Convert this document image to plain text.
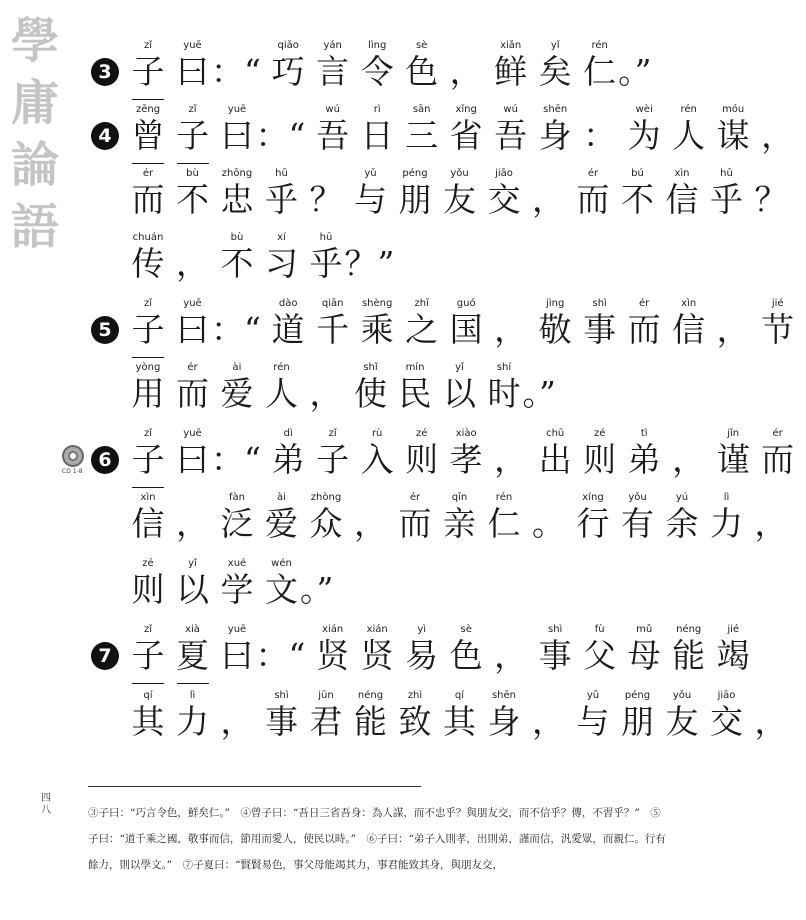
學
庸
論
語
CD 1-8
3
zǐ
子
yuē
曰 ：“
qiǎo
巧
yán
言
lìng
令
sè
色 ，
xiǎn
鲜
yǐ
矣
rén
仁 。”
4
zēng
曾
zǐ
子
yuē
曰 ：“
wú
吾
rì
日
sān
三
xǐng
省
wú
吾
shēn
身 ：
wèi
为
rén
人
móu
谋 ，
ér
而
bù
不
zhōng
忠
hū
乎 ？
yǔ
与
péng
朋
yǒu
友
jiāo
交 ，
ér
而
bú
不
xìn
信
hū
乎 ？
chuán
传 ，
bù
不
xí
习
hū
乎 ？”
5
zǐ
子
yuē
曰 ：“
dào
道
qiān
千
shèng
乘
zhī
之
guó
国 ，
jìng
敬
shì
事
ér
而
xìn
信 ，
jié
节
yòng
用
ér
而
ài
爱
rén
人 ，
shǐ
使
mín
民
yǐ
以
shí
时 。”
6
zǐ
子
yuē
曰 ：“
dì
弟
zǐ
子
rù
入
zé
则
xiào
孝 ，
chū
出
zé
则
tì
弟 ，
jǐn
谨
ér
而
xìn
信 ，
fàn
泛
ài
爱
zhòng
众 ，
ér
而
qīn
亲
rén
仁 。
xíng
行
yǒu
有
yú
余
lì
力 ，
zé
则
yǐ
以
xué
学
wén
文 。”
7
zǐ
子
xià
夏
yuē
曰 ：“
xián
贤
xián
贤
yì
易
sè
色 ，
shì
事
fù
父
mǔ
母
néng
能
jié
竭
qí
其
lì
力 ，
shì
事
jūn
君
néng
能
zhì
致
qí
其
shēn
身 ，
yǔ
与
péng
朋
yǒu
友
jiāo
交 ，
四八	③子曰：“巧言令色，鮮矣仁。”　④曾子曰：“吾日三省吾身：為人謀，而不忠乎？與朋友交，而不信乎？傳，不習乎？”　⑤子曰：“道千乘之國，敬事而信，節用而愛人，使民以時。”　⑥子曰：“弟子入則孝，出則弟，謹而信，汎愛眾，而親仁。行有餘力，則以學文。”　⑦子夏曰：“賢賢易色，事父母能竭其力，事君能致其身，與朋友交，
